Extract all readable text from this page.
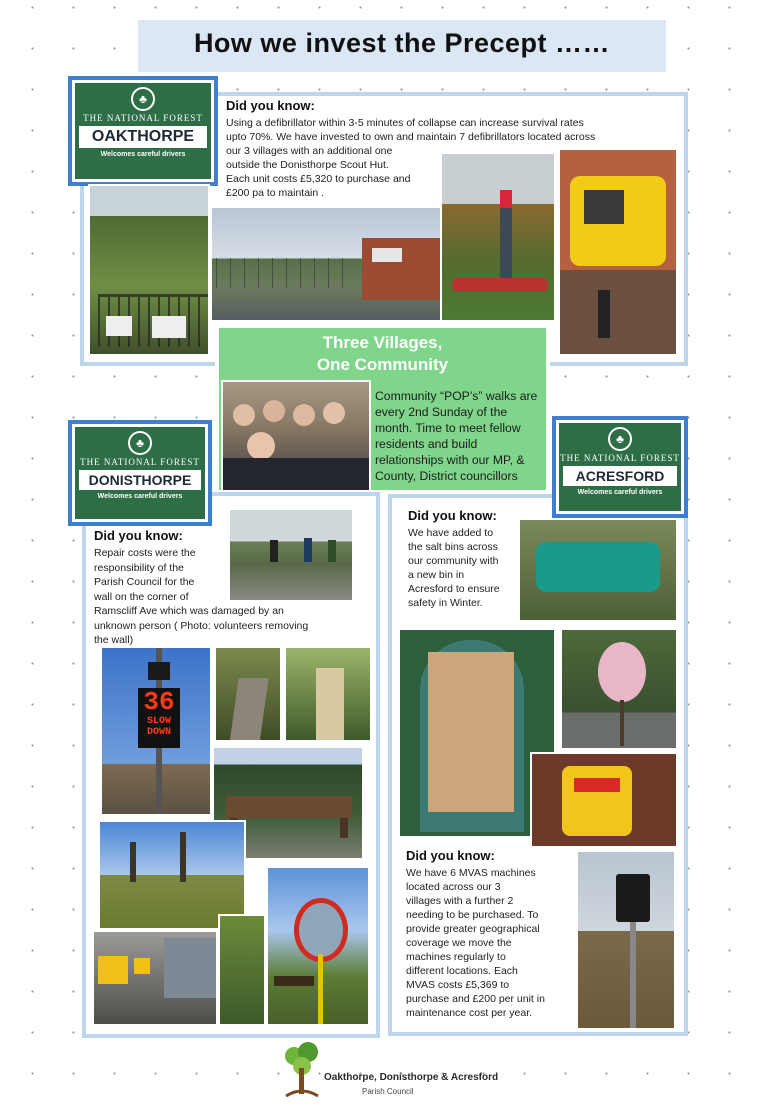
How we invest the Precept ……
♣
THE NATIONAL FOREST
OAKTHORPE
Welcomes careful drivers
Did you know:
Using a defibrillator within 3-5 minutes of collapse can increase survival rates
upto 70%. We have invested to own and maintain 7 defibrillators located across
our 3 villages with an additional one
outside the Donisthorpe Scout Hut.
Each unit costs £5,320 to purchase and
£200 pa to maintain .
Three Villages,
One Community
Community “POP’s” walks are every 2nd Sunday of the month. Time to meet fellow residents and build relationships with our MP, & County, District councillors
♣
THE NATIONAL FOREST
DONISTHORPE
Welcomes careful drivers
Did you know:
Repair costs were the
responsibility of the
Parish Council for the
wall on the corner of
Ramscliff Ave which was damaged by an
unknown person ( Photo: volunteers removing
the wall)
36
SLOW
DOWN
♣
THE NATIONAL FOREST
ACRESFORD
Welcomes careful drivers
Did you know:
We have added to
the salt bins across
our community with
a new bin in
Acresford to ensure
safety in Winter.
Did you know:
We have 6 MVAS machines
located across our 3
villages with a further 2
needing to be purchased. To
provide greater geographical
coverage we move the
machines regularly to
different locations. Each
MVAS costs £5,369 to
purchase and £200 per unit in
maintenance cost per year.
Oakthorpe, Donisthorpe & Acresford
Parish Council
